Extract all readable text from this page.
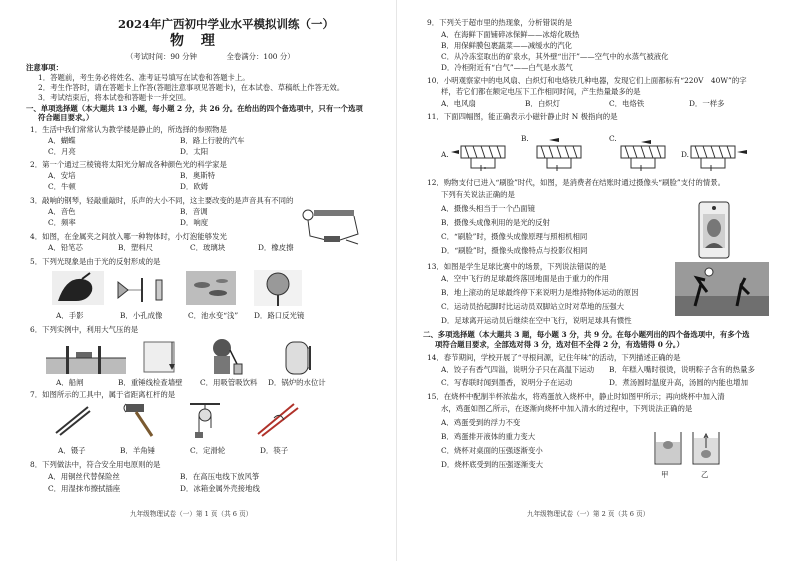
2024年广西初中学业水平模拟训练（一）
物 理
（考试时间：90 分钟　　　　全卷满分：100 分）
注意事项：
1．答题前，考生务必将姓名、准考证号填写在试卷和答题卡上。
2．考生作答时，请在答题卡上作答(答题注意事项见答题卡)，在本试卷、草稿纸上作答无效。
3．考试结束后，将本试卷和答题卡一并交回。
一、单项选择题（本大题共 13 小题，每小题 2 分，共 26 分。在给出的四个备选项中，只有一个选项
符合题目要求。）
1．生活中我们常常认为教学楼是静止的，所选择的参照物是
A．蝴蝶	B．路上行驶的汽车
C．月亮	D．太阳
2．第一个通过三棱镜将太阳光分解成各种颜色光的科学家是
A．安培	B．奥斯特
C．牛顿	D．欧姆
3．敲响的钢琴，轻敲重敲时，乐声的大小不同，这主要改变的是声音具有不同的
A．音色	B．音调
C．频率	D．响度
4．如图，在金属夹之间放入哪一种物体时，小灯泡能够发光
A．铅笔芯	B．塑料尺	C．玻璃块	D．橡皮擦
5．下列光现象是由于光的反射形成的是
A．手影	B．小孔成像	C．池水变“浅” D．路口反光镜
6．下列实例中，利用大气压的是
A．船闸	B．重锤线检查墙壁 C．用吸管吸饮料 D．锅炉的水位计
7．如图所示的工具中，属于省距离杠杆的是
A．镊子	B．羊角锤	C．定滑轮	D．筷子
8．下列做法中，符合安全用电原则的是
A．用铜丝代替保险丝	B．在高压电线下放风筝
C．用湿抹布擦拭插座	D．冰箱金属外壳接地线
九年级物理试卷（一）第 1 页（共 6 页）
9．下列关于超市里的热现象，分析错误的是
A．在海鲜下面铺碎冰保鲜——冰熔化吸热
B．用保鲜膜包裹蔬菜——减缓水的汽化
C．从冷冻室取出的矿泉水，其外壁“出汗”——空气中的水蒸气被液化
D．冷柜附近有“白气”——白气是水蒸气
10．小明观察家中的电风扇、白炽灯和电烙铁几种电器，发现它们上面都标有“220V　40W”的字
样，若它们都在额定电压下工作相同时间，产生热量最多的是
A．电风扇	B．白炽灯	C．电烙铁	D．一样多
11．下面四幅图，能正确表示小磁针静止时 N 极指向的是
A.
B.	C.
D.
12．购物支付已进入“刷脸”时代，如图，是消费者在结账时通过摄像头“刷脸”支付的情景。
下列有关说法正确的是
A．摄像头相当于一个凸面镜
B．摄像头成像利用的是光的反射
C．“刷脸”时，摄像头成像原理与照相机相同
D．“刷脸”时，摄像头成像特点与投影仪相同
13．如图是学生足球比赛中的场景，下列说法错误的是
A．空中飞行的足球最终落回地面是由于重力的作用
B．地上滚动的足球最终停下来说明力是维持物体运动的原因
C．运动员抬起脚时比运动员双脚站立时对草地的压强大
D．足球离开运动员后继续在空中飞行，说明足球具有惯性
二、多项选择题（本大题共 3 题，每小题 3 分，共 9 分。在每小题列出的四个备选项中，有多个选
项符合题目要求，全部选对得 3 分，选对但不全得 2 分，有选错得 0 分。）
14．春节期间，学校开展了“寻根问源，记住年味”的活动，下列描述正确的是
A．饺子有香气四溢，说明分子只在高温下运动 B．年糕入嘴时很烫，说明粽子含有的热量多
C．写春联时闻到墨香，说明分子在运动	D．煮汤圆时温度升高，汤圆的内能也增加
15．在烧杯中配制半杯浓盐水，将鸡蛋放入烧杯中，静止时如图甲所示；再向烧杯中加入清
水，鸡蛋如图乙所示，在逐渐向烧杯中加入清水的过程中，下列说法正确的是
A．鸡蛋受到的浮力不变
B．鸡蛋排开液体的重力变大
C．烧杯对桌面的压强逐渐变小
D．烧杯底受到的压强逐渐变大
甲	乙
九年级物理试卷（一）第 2 页（共 6 页）
